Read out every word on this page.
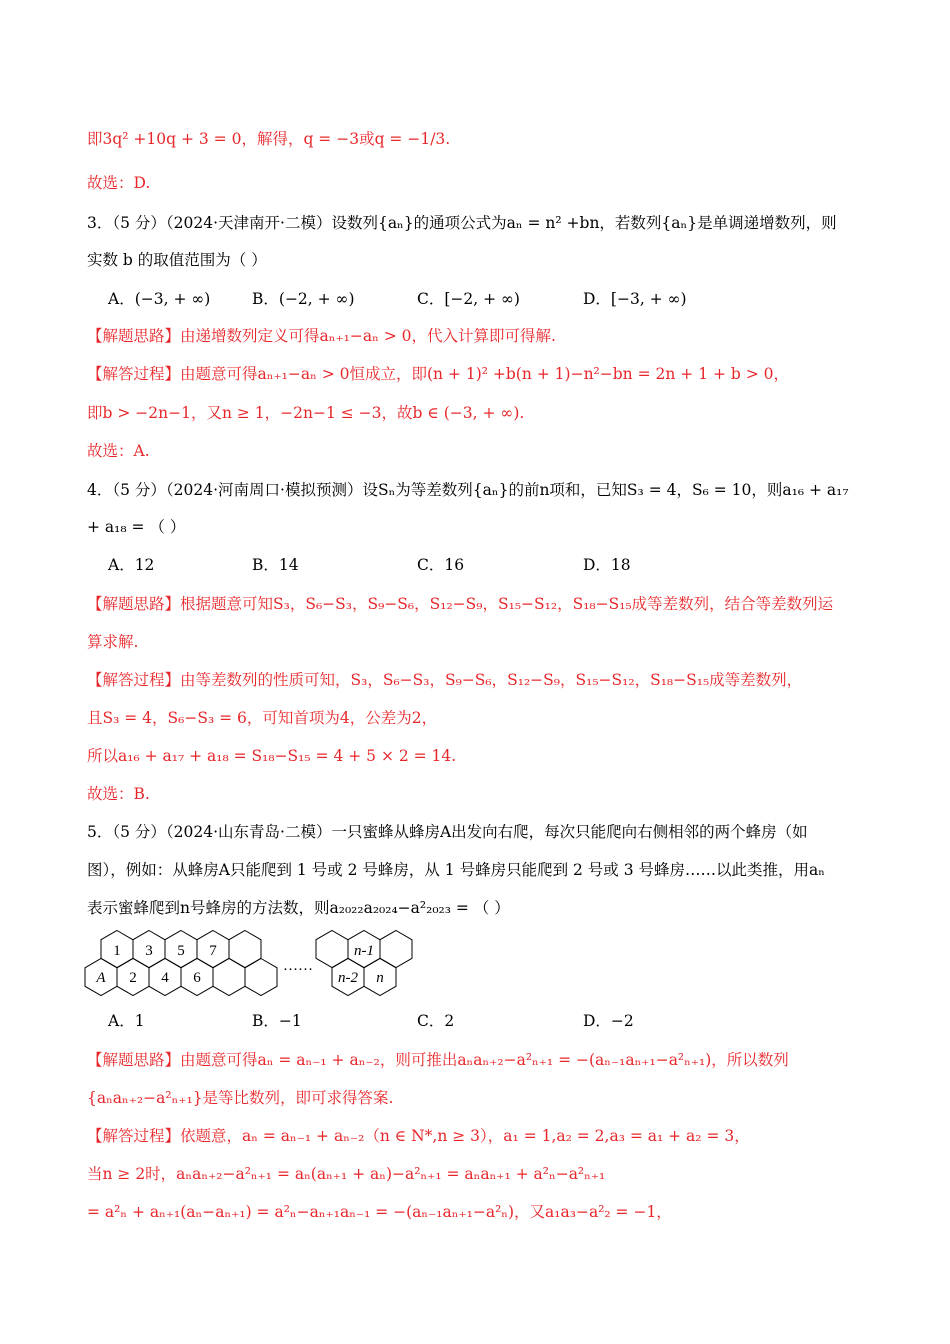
即3q² +10q + 3 = 0，解得，q = −3或q = −1/3.
故选：D.
3．（5 分）（2024·天津南开·二模）设数列{aₙ}的通项公式为aₙ = n² +bn，若数列{aₙ}是单调递增数列，则
实数 b 的取值范围为（ ）
【解题思路】由递增数列定义可得aₙ₊₁−aₙ > 0，代入计算即可得解.
【解答过程】由题意可得aₙ₊₁−aₙ > 0恒成立，即(n + 1)² +b(n + 1)−n²−bn = 2n + 1 + b > 0，
即b > −2n−1，又n ≥ 1，−2n−1 ≤ −3，故b ∈ (−3, + ∞).
故选：A.
4．（5 分）（2024·河南周口·模拟预测）设Sₙ为等差数列{aₙ}的前n项和，已知S₃ = 4，S₆ = 10，则a₁₆ + a₁₇
+ a₁₈ = （ ）
【解题思路】根据题意可知S₃，S₆−S₃，S₉−S₆，S₁₂−S₉，S₁₅−S₁₂，S₁₈−S₁₅成等差数列，结合等差数列运
算求解.
【解答过程】由等差数列的性质可知，S₃，S₆−S₃，S₉−S₆，S₁₂−S₉，S₁₅−S₁₂，S₁₈−S₁₅成等差数列，
且S₃ = 4，S₆−S₃ = 6，可知首项为4，公差为2，
所以a₁₆ + a₁₇ + a₁₈ = S₁₈−S₁₅ = 4 + 5 × 2 = 14.
故选：B.
5．（5 分）（2024·山东青岛·二模）一只蜜蜂从蜂房A出发向右爬，每次只能爬向右侧相邻的两个蜂房（如
图），例如：从蜂房A只能爬到 1 号或 2 号蜂房，从 1 号蜂房只能爬到 2 号或 3 号蜂房……以此类推，用aₙ
表示蜜蜂爬到n号蜂房的方法数，则a₂₀₂₂a₂₀₂₄−a²₂₀₂₃ = （ ）
【解题思路】由题意可得aₙ = aₙ₋₁ + aₙ₋₂，则可推出aₙaₙ₊₂−a²ₙ₊₁ = −(aₙ₋₁aₙ₊₁−a²ₙ₊₁)，所以数列
{aₙaₙ₊₂−a²ₙ₊₁}是等比数列，即可求得答案.
【解答过程】依题意，aₙ = aₙ₋₁ + aₙ₋₂（n ∈ N*,n ≥ 3），a₁ = 1,a₂ = 2,a₃ = a₁ + a₂ = 3，
当n ≥ 2时，aₙaₙ₊₂−a²ₙ₊₁ = aₙ(aₙ₊₁ + aₙ)−a²ₙ₊₁ = aₙaₙ₊₁ + a²ₙ−a²ₙ₊₁
= a²ₙ + aₙ₊₁(aₙ−aₙ₊₁) = a²ₙ−aₙ₊₁aₙ₋₁ = −(aₙ₋₁aₙ₊₁−a²ₙ)，又a₁a₃−a²₂ = −1，
A．(−3, + ∞)	B．(−2, + ∞)	C．[−2, + ∞)	D．[−3, + ∞)
A．12	B．14	C．16	D．18
A．1	B．−1	C．2	D．−2
1 3 5 7
A 2 4 6
……
n-1
n-2 n
